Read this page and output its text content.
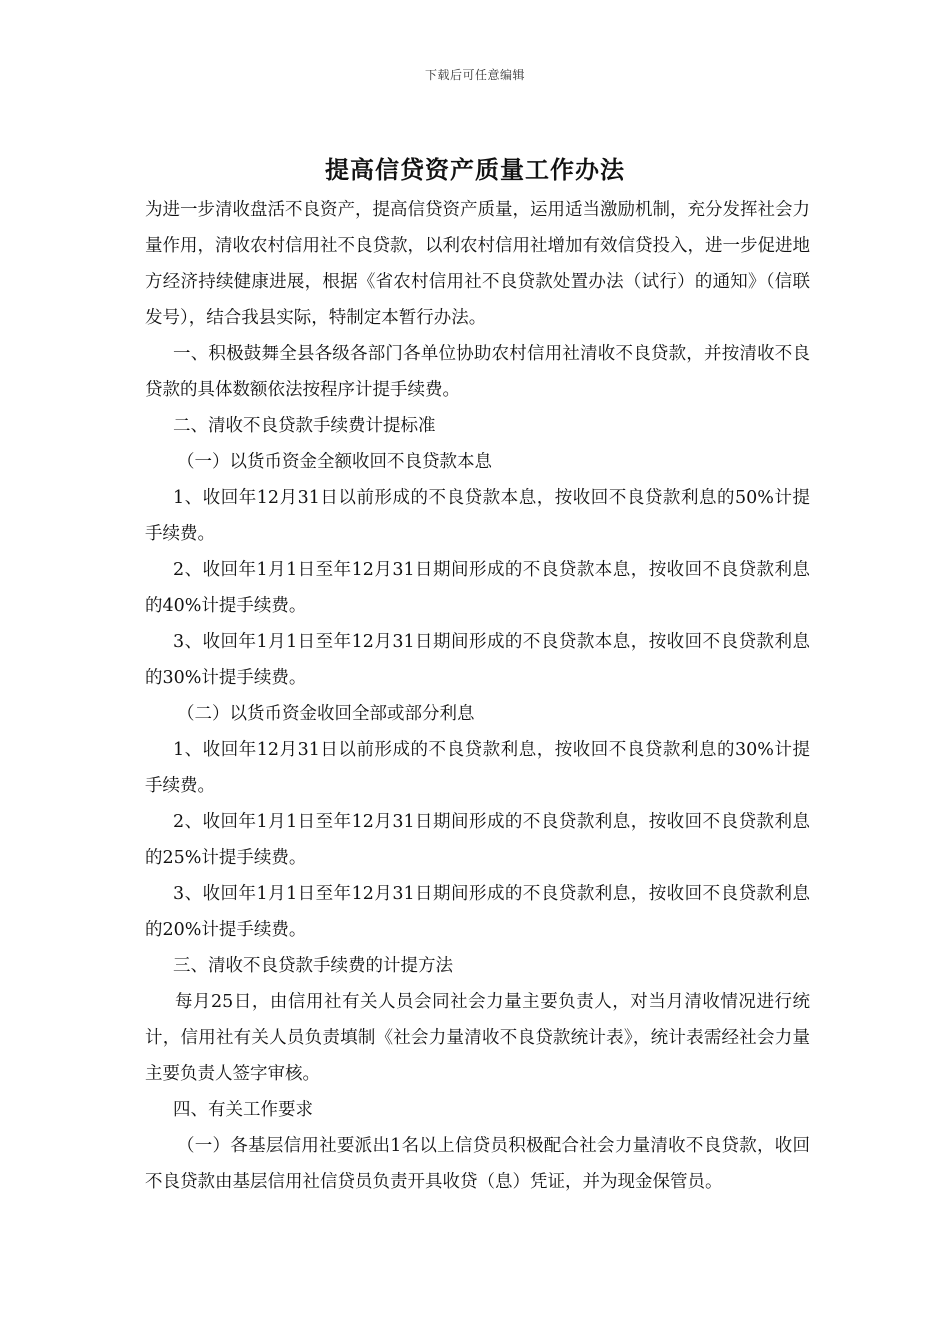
下载后可任意编辑
提高信贷资产质量工作办法

为进一步清收盘活不良资产，提高信贷资产质量，运用适当激励机制，充分发挥社会力量作用，清收农村信用社不良贷款，以利农村信用社增加有效信贷投入，进一步促进地方经济持续健康进展，根据《省农村信用社不良贷款处置办法（试行）的通知》（信联发号），结合我县实际，特制定本暂行办法。

一、积极鼓舞全县各级各部门各单位协助农村信用社清收不良贷款，并按清收不良贷款的具体数额依法按程序计提手续费。

二、清收不良贷款手续费计提标准

（一）以货币资金全额收回不良贷款本息

1、收回年12月31日以前形成的不良贷款本息，按收回不良贷款利息的50%计提手续费。

2、收回年1月1日至年12月31日期间形成的不良贷款本息，按收回不良贷款利息的40%计提手续费。

3、收回年1月1日至年12月31日期间形成的不良贷款本息，按收回不良贷款利息的30%计提手续费。

（二）以货币资金收回全部或部分利息

1、收回年12月31日以前形成的不良贷款利息，按收回不良贷款利息的30%计提手续费。

2、收回年1月1日至年12月31日期间形成的不良贷款利息，按收回不良贷款利息的25%计提手续费。

3、收回年1月1日至年12月31日期间形成的不良贷款利息，按收回不良贷款利息的20%计提手续费。

三、清收不良贷款手续费的计提方法

每月25日，由信用社有关人员会同社会力量主要负责人，对当月清收情况进行统计，信用社有关人员负责填制《社会力量清收不良贷款统计表》，统计表需经社会力量主要负责人签字审核。

四、有关工作要求

（一）各基层信用社要派出1名以上信贷员积极配合社会力量清收不良贷款，收回不良贷款由基层信用社信贷员负责开具收贷（息）凭证，并为现金保管员。
